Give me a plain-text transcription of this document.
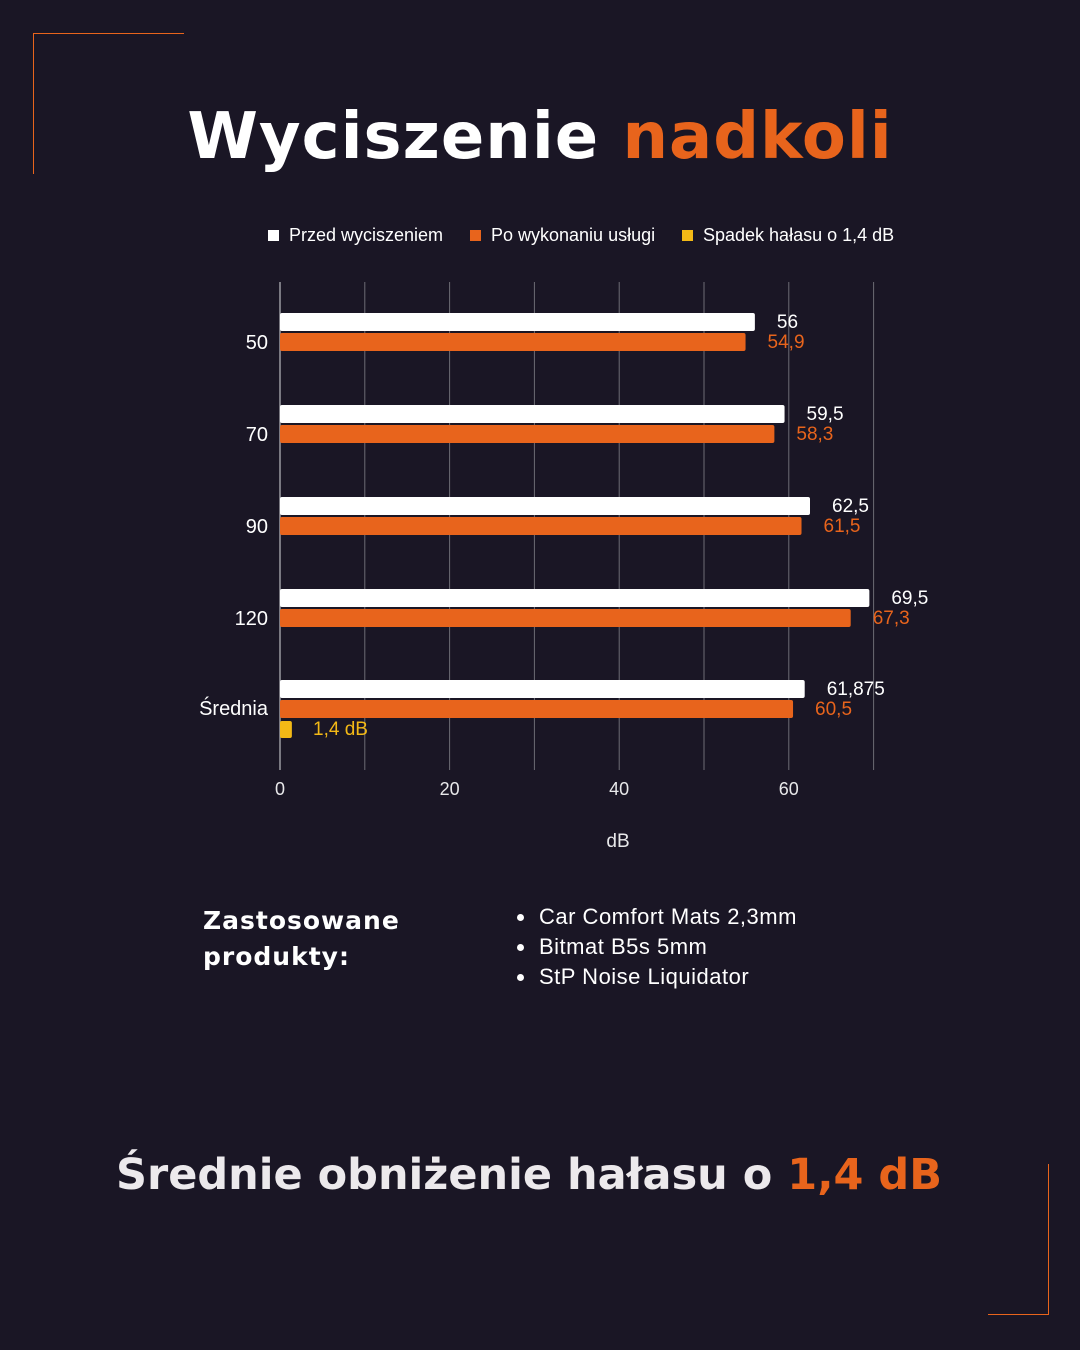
Wyciszenie nadkoli
0	20	40	60
dB
Przed wyciszeniem	Po wykonaniu usługi	Spadek hałasu o 1,4 dB
50
56
54,9
70
59,5
58,3
90
62,5
61,5
120
69,5
67,3
Średnia
61,875
60,5
1,4 dB
Zastosowane
produkty:
Car Comfort Mats 2,3mm
Bitmat B5s 5mm
StP Noise Liquidator
Średnie obniżenie hałasu o 1,4 dB
